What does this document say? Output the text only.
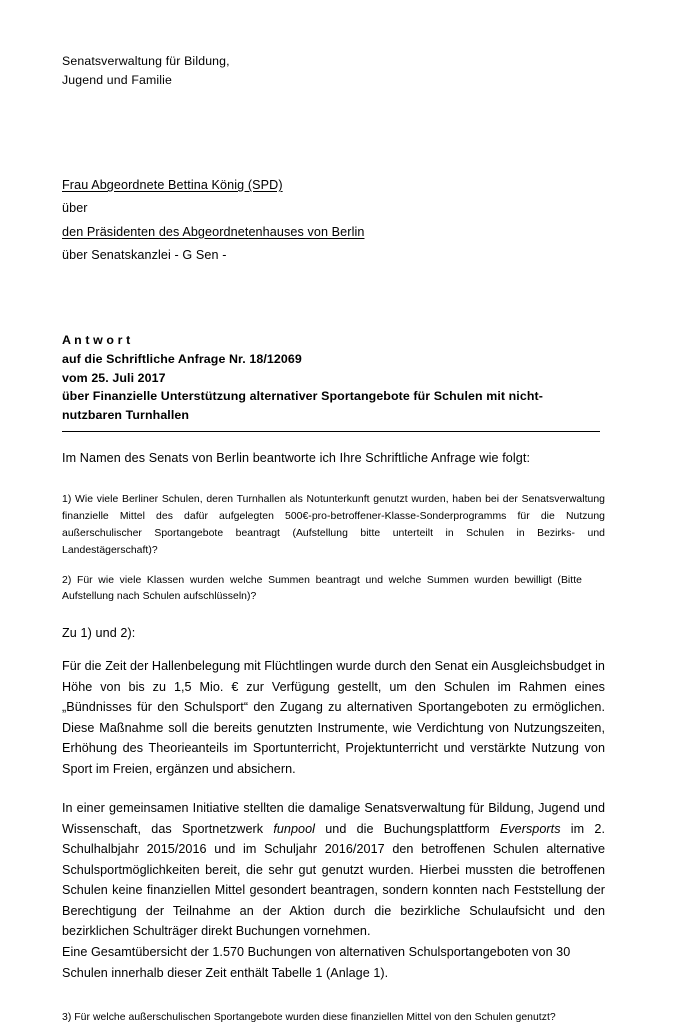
Senatsverwaltung für Bildung,
Jugend und Familie
Frau Abgeordnete Bettina König (SPD)
über
den Präsidenten des Abgeordnetenhauses von Berlin
über Senatskanzlei - G Sen -
A n t w o r t
auf die Schriftliche Anfrage Nr. 18/12069
vom 25. Juli 2017
über Finanzielle Unterstützung alternativer Sportangebote für Schulen mit nicht-
nutzbaren Turnhallen
Im Namen des Senats von Berlin beantworte ich Ihre Schriftliche Anfrage wie folgt:
1) Wie viele Berliner Schulen, deren Turnhallen als Notunterkunft genutzt wurden, haben bei der Senatsverwaltung finanzielle Mittel des dafür aufgelegten 500€-pro-betroffener-Klasse-Sonderprogramms für die Nutzung außerschulischer Sportangebote beantragt (Aufstellung bitte unterteilt in Schulen in Bezirks- und Landestägerschaft)?
2) Für wie viele Klassen wurden welche Summen beantragt und welche Summen wurden bewilligt (Bitte Aufstellung nach Schulen aufschlüsseln)?
Zu 1) und 2):
Für die Zeit der Hallenbelegung mit Flüchtlingen wurde durch den Senat ein Ausgleichsbudget in Höhe von bis zu 1,5 Mio. € zur Verfügung gestellt, um den Schulen im Rahmen eines „Bündnisses für den Schulsport“ den Zugang zu alternativen Sportangeboten zu ermöglichen. Diese Maßnahme soll die bereits genutzten Instrumente, wie Verdichtung von Nutzungszeiten, Erhöhung des Theorieanteils im Sportunterricht, Projektunterricht und verstärkte Nutzung von Sport im Freien, ergänzen und absichern.
In einer gemeinsamen Initiative stellten die damalige Senatsverwaltung für Bildung, Jugend und Wissenschaft, das Sportnetzwerk funpool und die Buchungsplattform Eversports im 2. Schulhalbjahr 2015/2016 und im Schuljahr 2016/2017 den betroffenen Schulen alternative Schulsportmöglichkeiten bereit, die sehr gut genutzt wurden. Hierbei mussten die betroffenen Schulen keine finanziellen Mittel gesondert beantragen, sondern konnten nach Feststellung der Berechtigung der Teilnahme an der Aktion durch die bezirkliche Schulaufsicht und den bezirklichen Schulträger direkt Buchungen vornehmen.
Eine Gesamtübersicht der 1.570 Buchungen von alternativen Schulsportangeboten von 30
Schulen innerhalb dieser Zeit enthält Tabelle 1 (Anlage 1).
3) Für welche außerschulischen Sportangebote wurden diese finanziellen Mittel von den Schulen genutzt?
